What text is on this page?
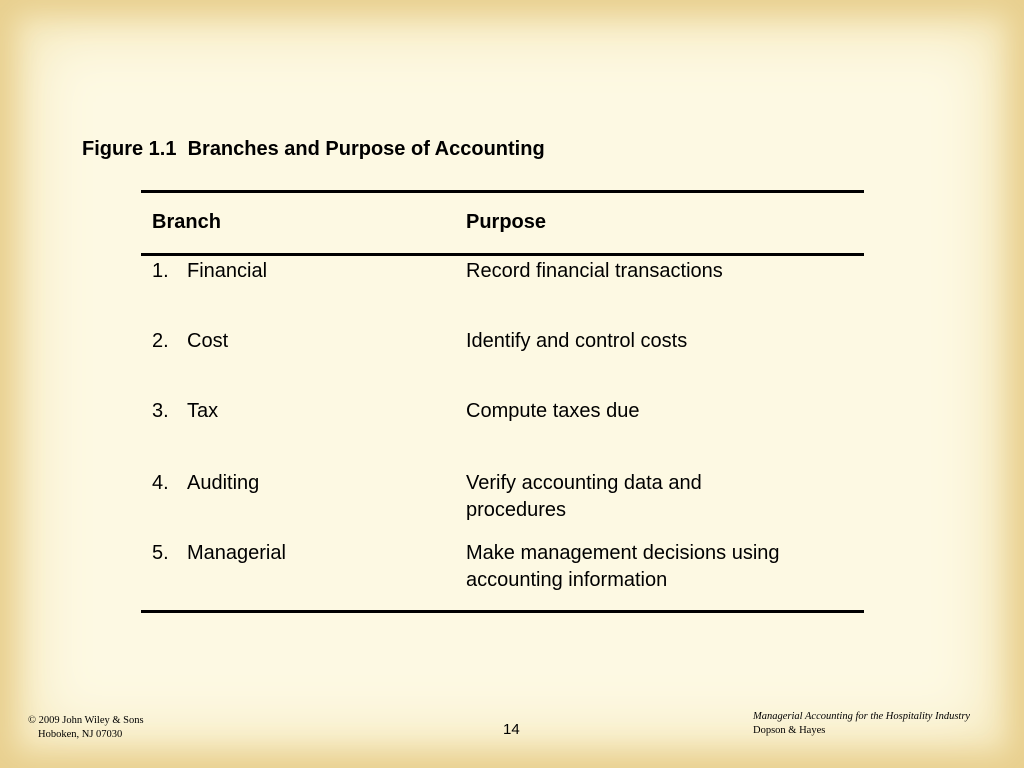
Figure 1.1  Branches and Purpose of Accounting
Branch	Purpose
1. Financial	Record financial transactions
2. Cost	Identify and control costs
3. Tax	Compute taxes due
4. Auditing	Verify accounting data and procedures
5. Managerial	Make management decisions using accounting information
© 2009 John Wiley & Sons
Hoboken, NJ 07030	14
Managerial Accounting for the Hospitality Industry
Dopson & Hayes
